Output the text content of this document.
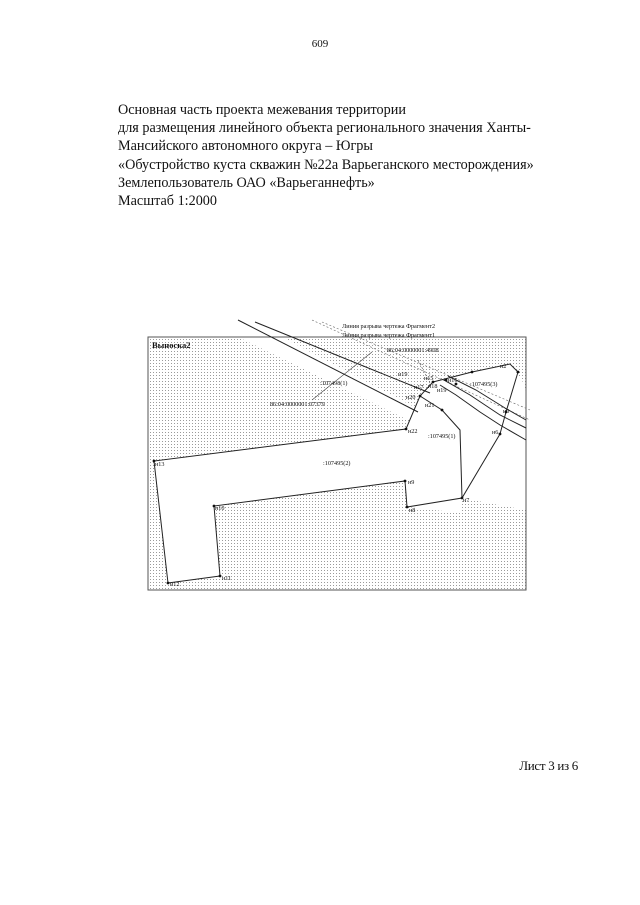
609
Основная часть проекта межевания территории
для размещения линейного объекта регионального значения Ханты-
Мансийского автономного округа – Югры
«Обустройство куста скважин №22а Варьеганского месторождения»
Землепользователь ОАО «Варьеганнефть»
Масштаб 1:2000
Линия разрыва чертежа Фрагмент2
Линия разрыва чертежа Фрагмент1
86:04:0000001:4908
86:04:0000001:07379
:107498(1)	:107495(3)
:107495(1)
:107495(2)
н2
н3
н6
н7
н8
н9
н10
н11
н12
н13
н15 н16
н17 н18
н19
н19
н20
н21
н22
Выноска2
Лист 3 из 6
